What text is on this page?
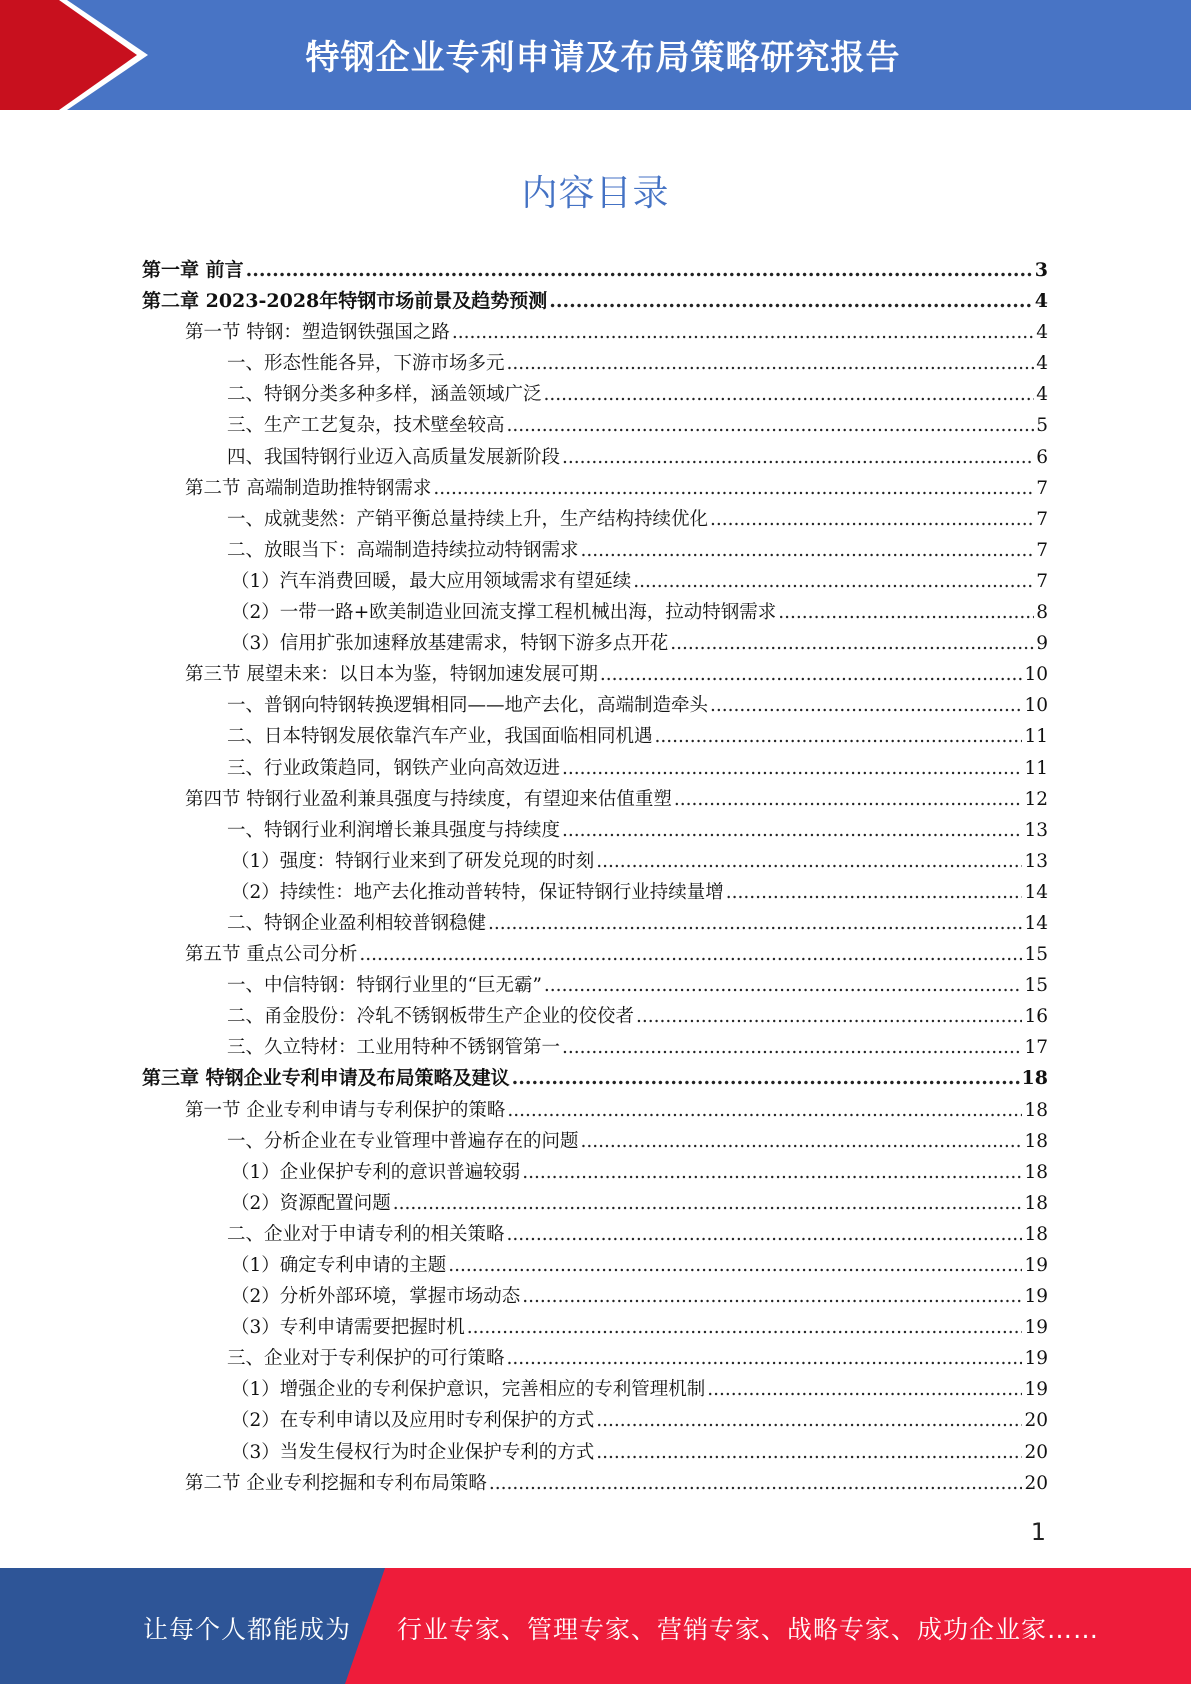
特钢企业专利申请及布局策略研究报告
内容目录
第一章 前言 .....	3
第二章 2023-2028年特钢市场前景及趋势预测 .....	4
第一节 特钢：塑造钢铁强国之路 .....	4
一、形态性能各异，下游市场多元 .....	4
二、特钢分类多种多样，涵盖领域广泛 .....	4
三、生产工艺复杂，技术壁垒较高 .....	5
四、我国特钢行业迈入高质量发展新阶段 .....	6
第二节 高端制造助推特钢需求 .....	7
一、成就斐然：产销平衡总量持续上升，生产结构持续优化 .....	7
二、放眼当下：高端制造持续拉动特钢需求 .....	7
（1）汽车消费回暖，最大应用领域需求有望延续 .....	7
（2）一带一路+欧美制造业回流支撑工程机械出海，拉动特钢需求 .....	8
（3）信用扩张加速释放基建需求，特钢下游多点开花 .....	9
第三节 展望未来：以日本为鉴，特钢加速发展可期 .....	10
一、普钢向特钢转换逻辑相同——地产去化，高端制造牵头 .....	10
二、日本特钢发展依靠汽车产业，我国面临相同机遇 .....	11
三、行业政策趋同，钢铁产业向高效迈进 .....	11
第四节 特钢行业盈利兼具强度与持续度，有望迎来估值重塑 .....	12
一、特钢行业利润增长兼具强度与持续度 .....	13
（1）强度：特钢行业来到了研发兑现的时刻 .....	13
（2）持续性：地产去化推动普转特，保证特钢行业持续量增 .....	14
二、特钢企业盈利相较普钢稳健 .....	14
第五节 重点公司分析 .....	15
一、中信特钢：特钢行业里的“巨无霸” .....	15
二、甬金股份：冷轧不锈钢板带生产企业的佼佼者 .....	16
三、久立特材：工业用特种不锈钢管第一 .....	17
第三章 特钢企业专利申请及布局策略及建议 .....	18
第一节 企业专利申请与专利保护的策略 .....	18
一、分析企业在专业管理中普遍存在的问题 .....	18
（1）企业保护专利的意识普遍较弱 .....	18
（2）资源配置问题 .....	18
二、企业对于申请专利的相关策略 .....	18
（1）确定专利申请的主题 .....	19
（2）分析外部环境，掌握市场动态 .....	19
（3）专利申请需要把握时机 .....	19
三、企业对于专利保护的可行策略 .....	19
（1）增强企业的专利保护意识，完善相应的专利管理机制 .....	19
（2）在专利申请以及应用时专利保护的方式 .....	20
（3）当发生侵权行为时企业保护专利的方式 .....	20
第二节 企业专利挖掘和专利布局策略 .....	20
1
让每个人都能成为 行业专家、管理专家、营销专家、战略专家、成功企业家……
